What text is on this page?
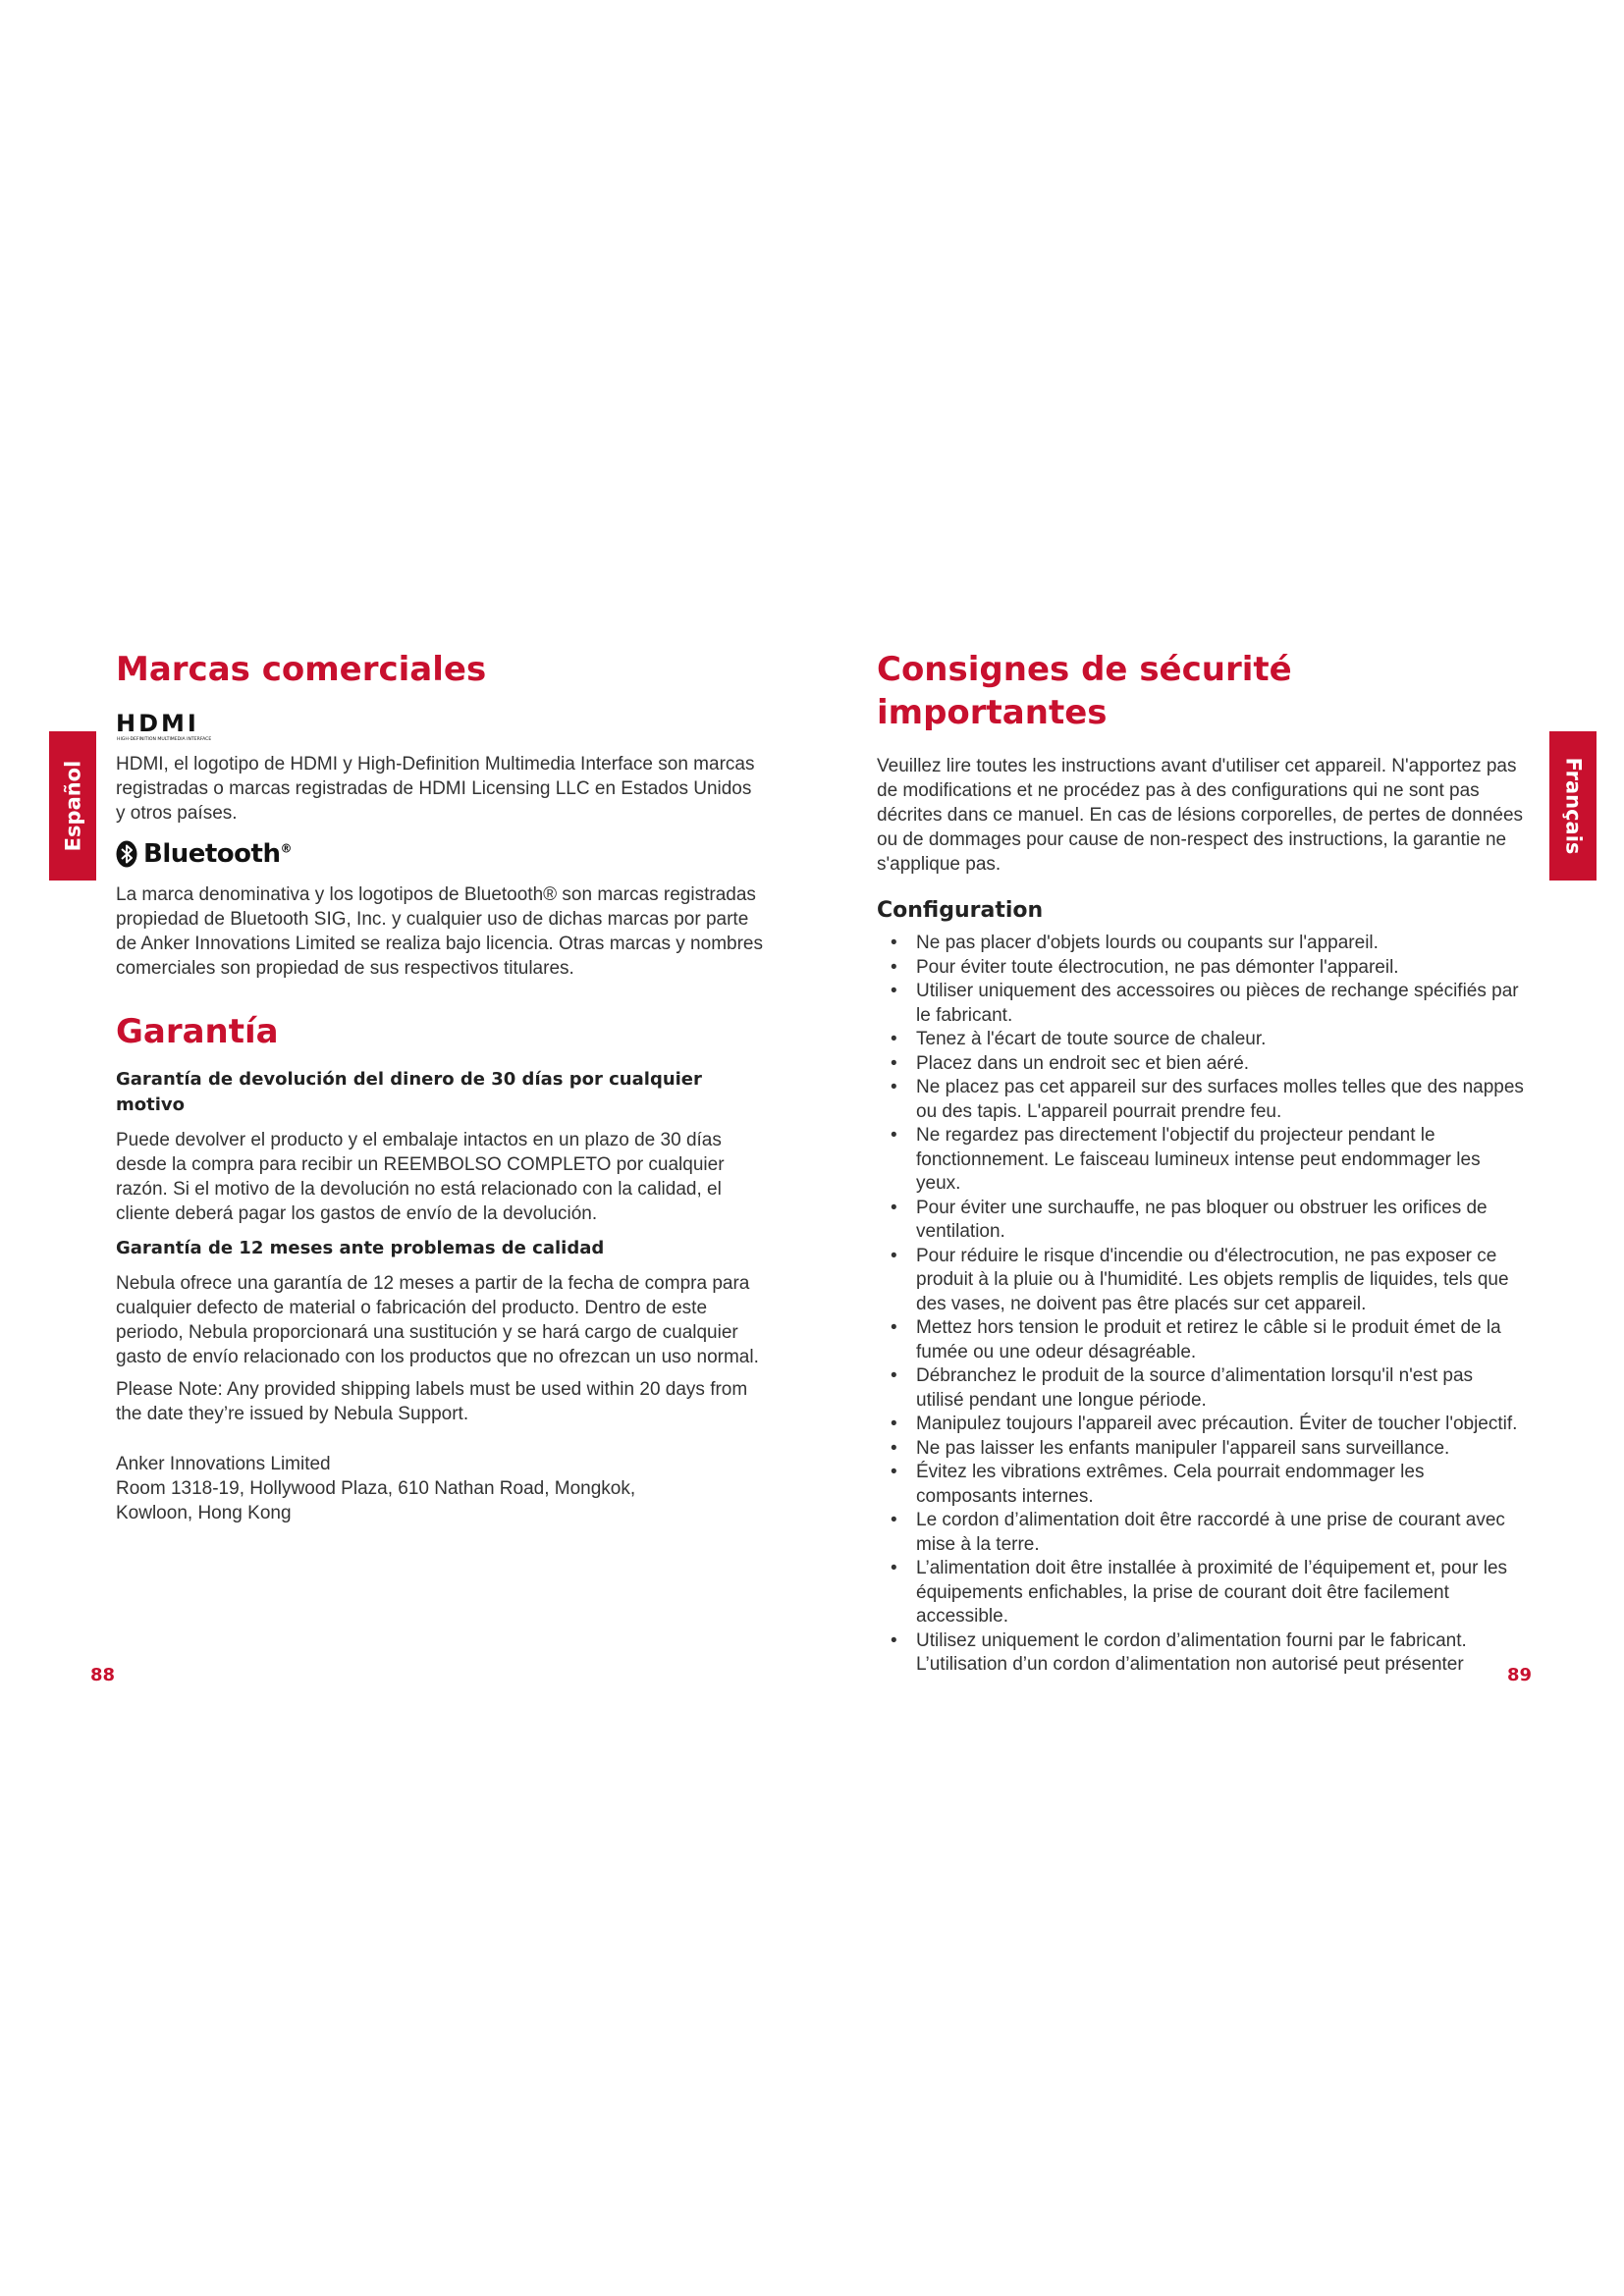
Español	Français
Marcas comerciales
HDMI
HIGH-DEFINITION MULTIMEDIA INTERFACE

HDMI, el logotipo de HDMI y High-Definition Multimedia Interface son marcas registradas o marcas registradas de HDMI Licensing LLC en Estados Unidos y otros países.

Bluetooth®

La marca denominativa y los logotipos de Bluetooth® son marcas registradas propiedad de Bluetooth SIG, Inc. y cualquier uso de dichas marcas por parte de Anker Innovations Limited se realiza bajo licencia. Otras marcas y nombres comerciales son propiedad de sus respectivos titulares.

Garantía
Garantía de devolución del dinero de 30 días por cualquier motivo

Puede devolver el producto y el embalaje intactos en un plazo de 30 días desde la compra para recibir un REEMBOLSO COMPLETO por cualquier razón. Si el motivo de la devolución no está relacionado con la calidad, el cliente deberá pagar los gastos de envío de la devolución.

Garantía de 12 meses ante problemas de calidad

Nebula ofrece una garantía de 12 meses a partir de la fecha de compra para cualquier defecto de material o fabricación del producto. Dentro de este periodo, Nebula proporcionará una sustitución y se hará cargo de cualquier gasto de envío relacionado con los productos que no ofrezcan un uso normal.

Please Note: Any provided shipping labels must be used within 20 days from the date they’re issued by Nebula Support.

Anker Innovations Limited

Room 1318-19, Hollywood Plaza, 610 Nathan Road, Mongkok,

Kowloon, Hong Kong

Consignes de sécurité importantes

Veuillez lire toutes les instructions avant d'utiliser cet appareil. N'apportez pas de modifications et ne procédez pas à des configurations qui ne sont pas décrites dans ce manuel. En cas de lésions corporelles, de pertes de données ou de dommages pour cause de non-respect des instructions, la garantie ne s'applique pas.

Configuration
• Ne pas placer d'objets lourds ou coupants sur l'appareil.
• Pour éviter toute électrocution, ne pas démonter l'appareil.
• Utiliser uniquement des accessoires ou pièces de rechange spécifiés par le fabricant.
• Tenez à l'écart de toute source de chaleur.
• Placez dans un endroit sec et bien aéré.
• Ne placez pas cet appareil sur des surfaces molles telles que des nappes ou des tapis. L'appareil pourrait prendre feu.
• Ne regardez pas directement l'objectif du projecteur pendant le fonctionnement. Le faisceau lumineux intense peut endommager les yeux.
• Pour éviter une surchauffe, ne pas bloquer ou obstruer les orifices de ventilation.
• Pour réduire le risque d'incendie ou d'électrocution, ne pas exposer ce produit à la pluie ou à l'humidité. Les objets remplis de liquides, tels que des vases, ne doivent pas être placés sur cet appareil.
• Mettez hors tension le produit et retirez le câble si le produit émet de la fumée ou une odeur désagréable.
• Débranchez le produit de la source d’alimentation lorsqu'il n'est pas utilisé pendant une longue période.
• Manipulez toujours l'appareil avec précaution. Éviter de toucher l'objectif.
• Ne pas laisser les enfants manipuler l'appareil sans surveillance.
• Évitez les vibrations extrêmes. Cela pourrait endommager les composants internes.
• Le cordon d’alimentation doit être raccordé à une prise de courant avec mise à la terre.
• L’alimentation doit être installée à proximité de l’équipement et, pour les équipements enfichables, la prise de courant doit être facilement accessible.
• Utilisez uniquement le cordon d’alimentation fourni par le fabricant. L’utilisation d’un cordon d’alimentation non autorisé peut présenter
88	89
